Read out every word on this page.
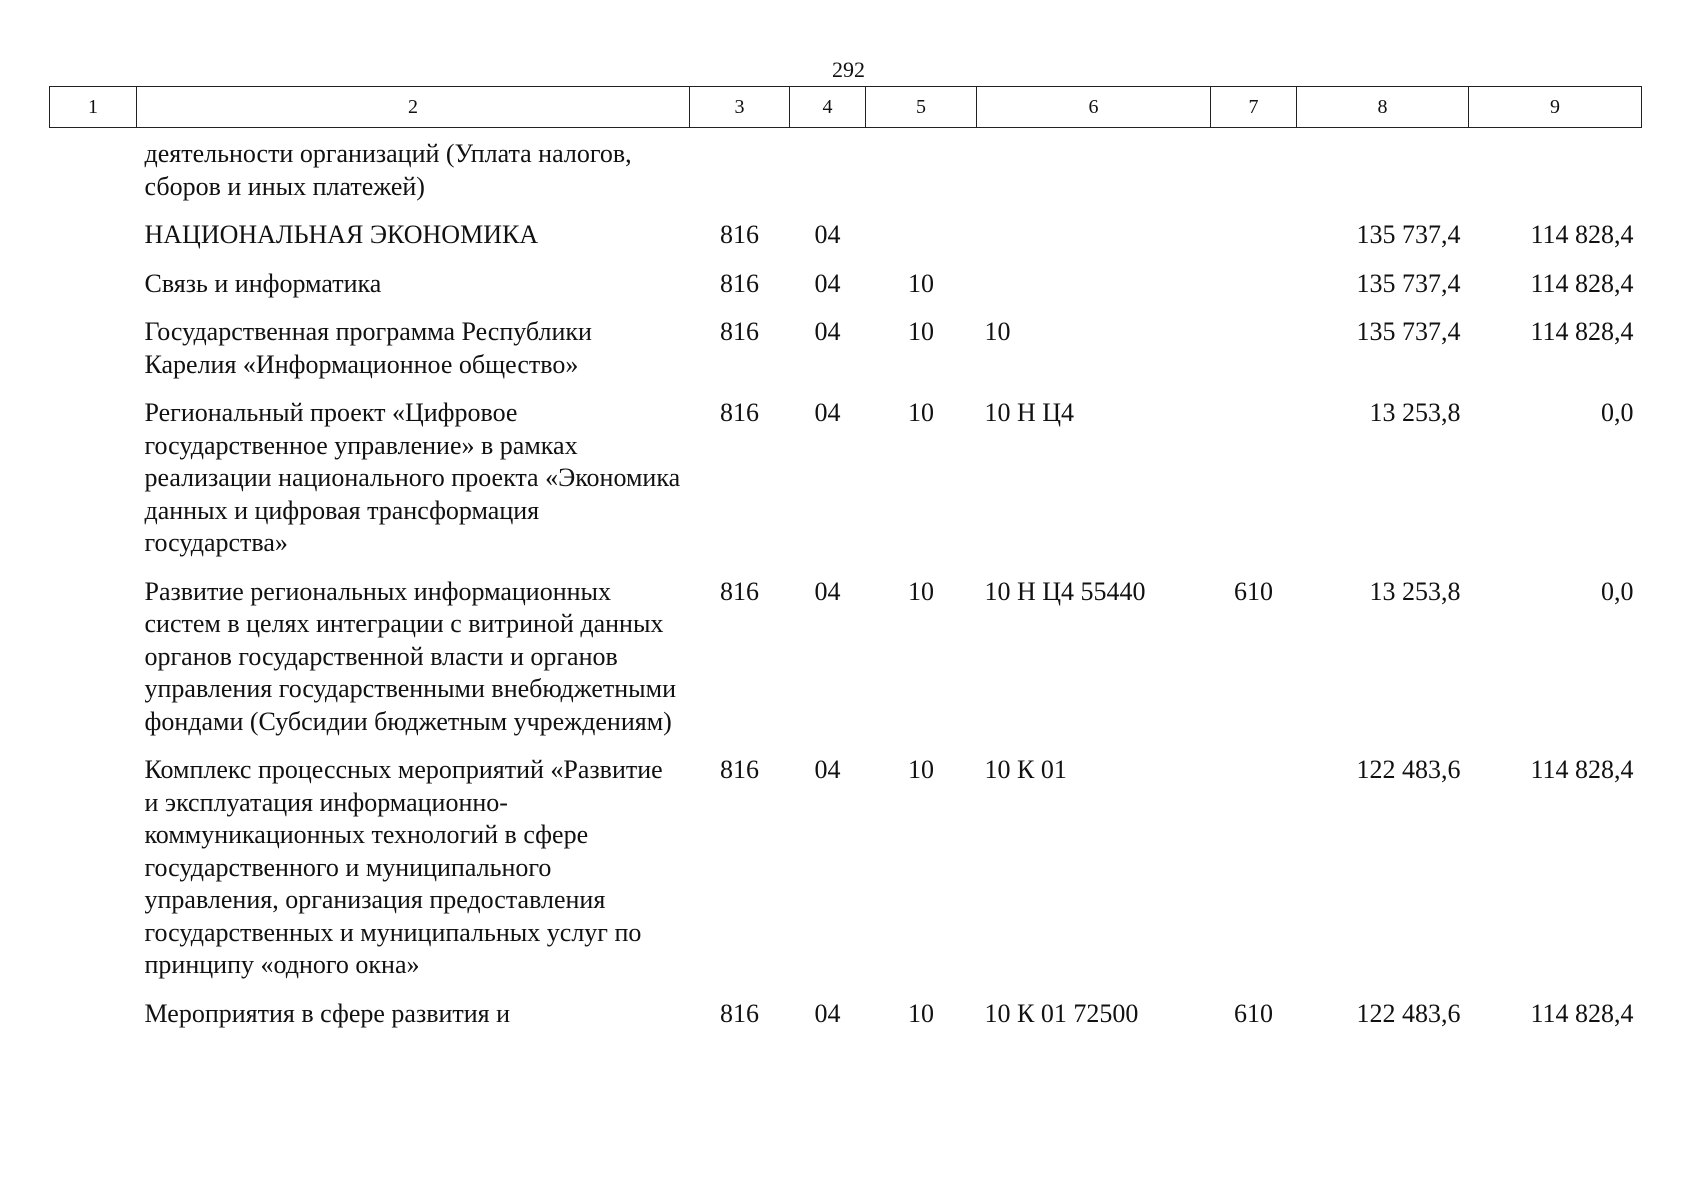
292
1	2	3	4	5	6	7	8	9
деятельности организаций (Уплата налогов, сборов и иных платежей)								
НАЦИОНАЛЬНАЯ ЭКОНОМИКА		816	04				135 737,4	114 828,4
Связь и информатика		816	04	10			135 737,4	114 828,4
Государственная программа Республики Карелия «Информационное общество»		816	04	10	10		135 737,4	114 828,4
Региональный проект «Цифровое государственное управление» в рамках реализации национального проекта «Экономика данных и цифровая трансформация государства»		816	04	10	10 Н Ц4		13 253,8	0,0
Развитие региональных информационных систем в целях интеграции с витриной данных органов государственной власти и органов управления государственными внебюджетными фондами (Субсидии бюджетным учреждениям)		816	04	10	10 Н Ц4 55440	610	13 253,8	0,0
Комплекс процессных мероприятий «Развитие и эксплуатация информационно-коммуникационных технологий в сфере государственного и муниципального управления, организация предоставления государственных и муниципальных услуг по принципу «одного окна»		816	04	10	10 К 01		122 483,6	114 828,4
Мероприятия в сфере развития и		816	04	10	10 К 01 72500	610	122 483,6	114 828,4
